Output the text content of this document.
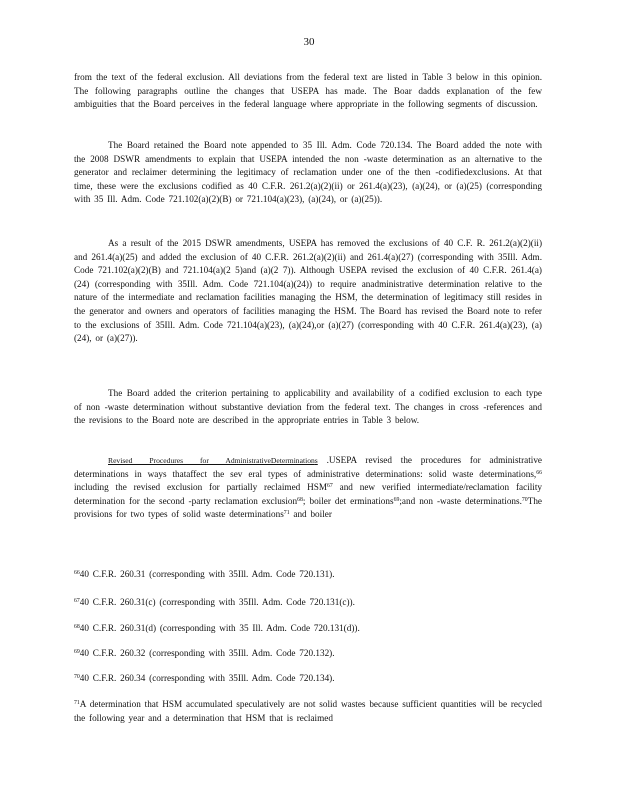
30

from the text of the federal exclusion. All deviations from the federal text are listed in Table 3 below in this opinion. The following paragraphs outline the changes that USEPA has made. The Boar dadds explanation of the few ambiguities that the Board perceives in the federal language where appropriate in the following segments of discussion.

The Board retained the Board note appended to 35 Ill. Adm. Code 720.134. The Board added the note with the 2008 DSWR amendments to explain that USEPA intended the non -waste determination as an alternative to the generator and reclaimer determining the legitimacy of reclamation under one of the then -codifiedexclusions. At that time, these were the exclusions codified as 40 C.F.R. 261.2(a)(2)(ii) or 261.4(a)(23), (a)(24), or (a)(25) (corresponding with 35 Ill. Adm. Code 721.102(a)(2)(B) or 721.104(a)(23), (a)(24), or (a)(25)).

As a result of the 2015 DSWR amendments, USEPA has removed the exclusions of 40 C.F. R. 261.2(a)(2)(ii) and 261.4(a)(25) and added the exclusion of 40 C.F.R. 261.2(a)(2)(ii) and 261.4(a)(27) (corresponding with 35Ill. Adm. Code 721.102(a)(2)(B) and 721.104(a)(2 5)and (a)(2 7)). Although USEPA revised the exclusion of 40 C.F.R. 261.4(a)(24) (corresponding with 35Ill. Adm. Code 721.104(a)(24)) to require anadministrative determination relative to the nature of the intermediate and reclamation facilities managing the HSM, the determination of legitimacy still resides in the generator and owners and operators of facilities managing the HSM. The Board has revised the Board note to refer to the exclusions of 35Ill. Adm. Code 721.104(a)(23), (a)(24),or (a)(27) (corresponding with 40 C.F.R. 261.4(a)(23), (a)(24), or (a)(27)).

The Board added the criterion pertaining to applicability and availability of a codified exclusion to each type of non -waste determination without substantive deviation from the federal text. The changes in cross -references and the revisions to the Board note are described in the appropriate entries in Table 3 below.

Revised Procedures for AdministrativeDeterminations .USEPA revised the procedures for administrative determinations in ways thataffect the sev eral types of administrative determinations: solid waste determinations,$^{66}$ including the revised exclusion for partially reclaimed HSM$^{67}$ and new verified intermediate/reclamation facility determination for the second -party reclamation exclusion$^{68}$; boiler det erminations$^{69}$;and non -waste determinations.$^{70}$The provisions for two types of solid waste determinations$^{71}$ and boiler

$^{66}$40 C.F.R. 260.31 (corresponding with 35Ill. Adm. Code 720.131).

$^{67}$40 C.F.R. 260.31(c) (corresponding with 35Ill. Adm. Code 720.131(c)).

$^{68}$40 C.F.R. 260.31(d) (corresponding with 35 Ill. Adm. Code 720.131(d)).

$^{69}$40 C.F.R. 260.32 (corresponding with 35Ill. Adm. Code 720.132).

$^{70}$40 C.F.R. 260.34 (corresponding with 35Ill. Adm. Code 720.134).

$^{71}$A determination that HSM accumulated speculatively are not solid wastes because sufficient quantities will be recycled the following year and a determination that HSM that is reclaimed
